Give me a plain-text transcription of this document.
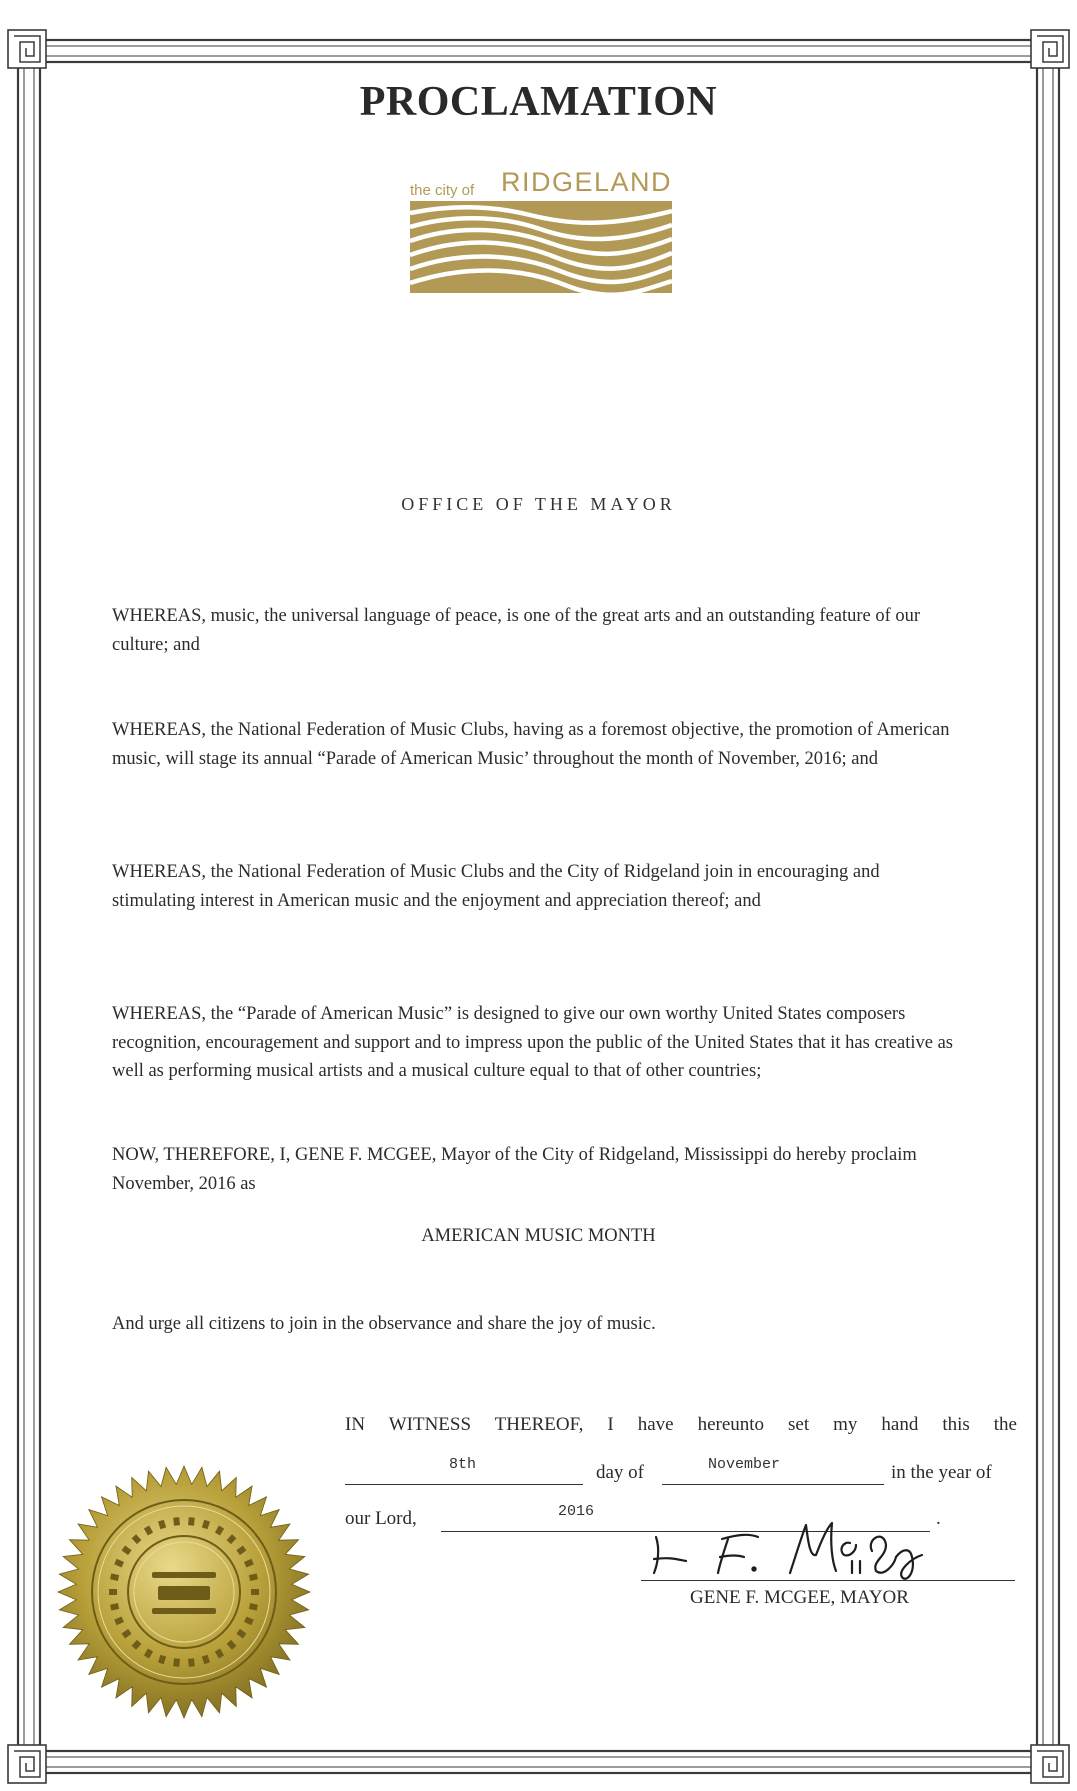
PROCLAMATION
the city of RIDGELAND
OFFICE OF THE MAYOR
WHEREAS, music, the universal language of peace, is one of the great arts and an outstanding feature of our culture; and
WHEREAS, the National Federation of Music Clubs, having as a foremost objective, the promotion of American music, will stage its annual “Parade of American Music’ throughout the month of November, 2016; and
WHEREAS, the National Federation of Music Clubs and the City of Ridgeland join in encouraging and stimulating interest in American music and the enjoyment and appreciation thereof; and
WHEREAS, the “Parade of American Music” is designed to give our own worthy United States composers recognition, encouragement and support and to impress upon the public of the United States that it has creative as well as performing musical artists and a musical culture equal to that of other countries;
NOW, THEREFORE, I, GENE F. MCGEE, Mayor of the City of Ridgeland, Mississippi do hereby proclaim November, 2016 as
AMERICAN MUSIC MONTH
And urge all citizens to join in the observance and share the joy of music.
IN WITNESS THEREOF, I have hereunto set my hand this the
8th	day of	November	in the year of
our Lord,	2016	.
GENE F. MCGEE, MAYOR
